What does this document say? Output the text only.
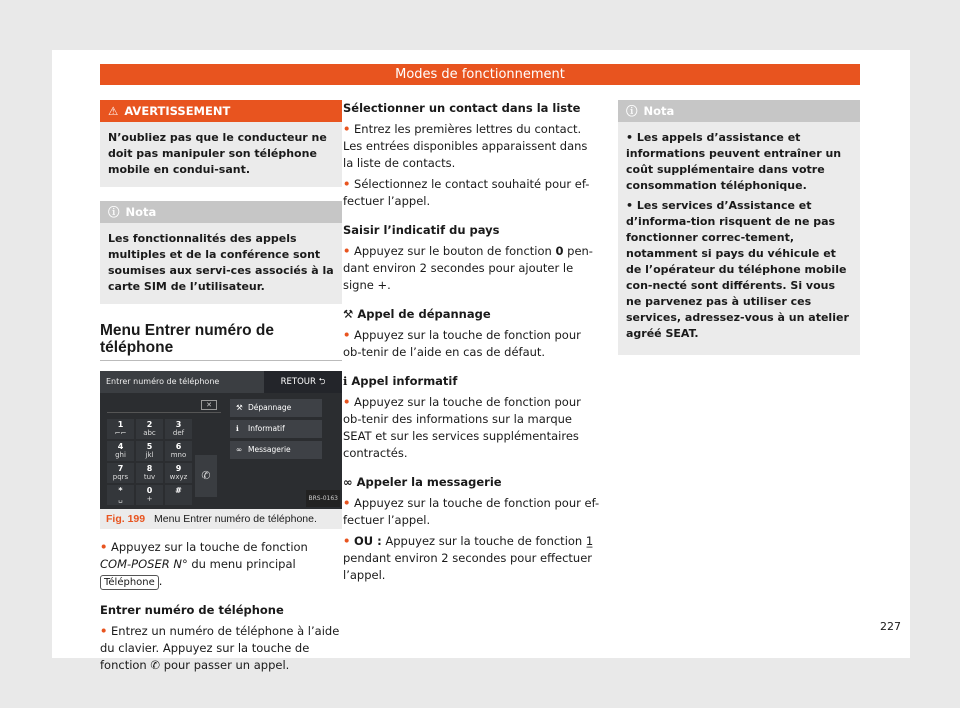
Modes de fonctionnement
⚠ AVERTISSEMENT
N’oubliez pas que le conducteur ne doit pas manipuler son téléphone mobile en condui-sant.
ⓘ Nota
Les fonctionnalités des appels multiples et de la conférence sont soumises aux servi-ces associés à la carte SIM de l’utilisateur.
Menu Entrer numéro de téléphone
Entrer numéro de téléphone	RETOUR ⮌
✕
1
⌐⌐
2
abc
3
def
4
ghi
5
jkl
6
mno
7
pqrs
8
tuv
9
wxyz
*
␣
0
+
#
✆
⚒ Dépannage
ℹ Informatif
∞ Messagerie
BRS-0163
Fig. 199 Menu Entrer numéro de téléphone.
• Appuyez sur la touche de fonction COM-POSER N° du menu principal Téléphone .
Entrer numéro de téléphone
• Entrez un numéro de téléphone à l’aide du clavier. Appuyez sur la touche de fonction ✆ pour passer un appel.
Sélectionner un contact dans la liste
• Entrez les premières lettres du contact. Les entrées disponibles apparaissent dans la liste de contacts.
• Sélectionnez le contact souhaité pour ef-fectuer l’appel.
Saisir l’indicatif du pays
• Appuyez sur le bouton de fonction 0 pen-dant environ 2 secondes pour ajouter le signe +.
⚒ Appel de dépannage
• Appuyez sur la touche de fonction pour ob-tenir de l’aide en cas de défaut.
ℹ Appel informatif
• Appuyez sur la touche de fonction pour ob-tenir des informations sur la marque SEAT et sur les services supplémentaires contractés.
∞ Appeler la messagerie
• Appuyez sur la touche de fonction pour ef-fectuer l’appel.
• OU : Appuyez sur la touche de fonction 1̲ pendant environ 2 secondes pour effectuer l’appel.
ⓘ Nota
• Les appels d’assistance et informations peuvent entraîner un coût supplémentaire dans votre consommation téléphonique.
• Les services d’Assistance et d’informa-tion risquent de ne pas fonctionner correc-tement, notamment si pays du véhicule et de l’opérateur du téléphone mobile con-necté sont différents. Si vous ne parvenez pas à utiliser ces services, adressez-vous à un atelier agréé SEAT.
227
